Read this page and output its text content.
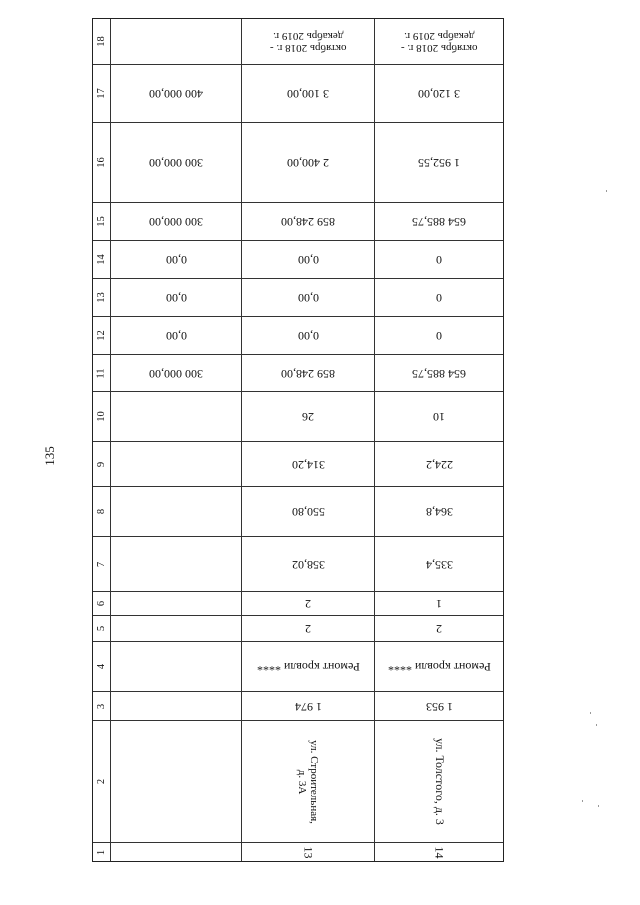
135
18
17
16
15
14
13
12
11
10
9
8
7
6
5
4
3
2
1
400 000,00
300 000,00
300 000,00
0,00
0,00
0,00
300 000,00
октябрь 2018 г. -
декабрь 2019 г.
3 100,00
2 400,00
859 248,00
0,00
0,00
0,00
859 248,00
26
314,20
550,80
358,02
2
2
Ремонт кровли ****
1 974
ул. Строительная,
д. 3А
13
октябрь 2018 г. -
декабрь 2019 г.
3 120,00
1 952,55
654 885,75
0
0
0
654 885,75
10
224,2
364,8
335,4
1
2
Ремонт кровли ****
1 953
ул. Толстого, д. 3
14
